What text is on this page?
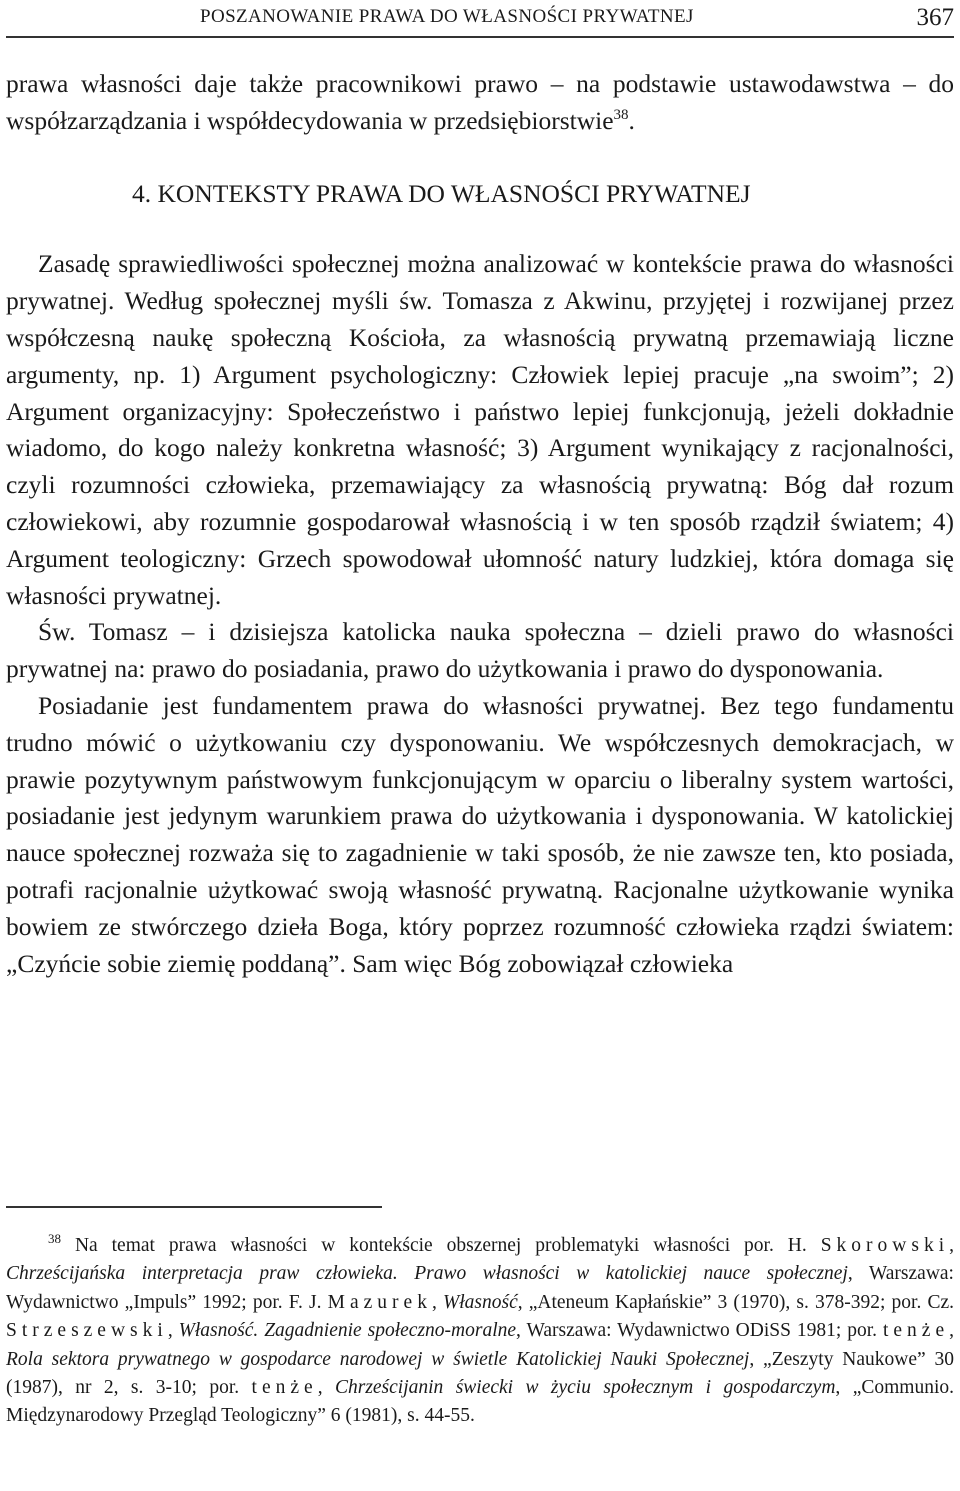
POSZANOWANIE PRAWA DO WŁASNOŚCI PRYWATNEJ	367

prawa własności daje także pracownikowi prawo – na podstawie ustawodawstwa – do współzarządzania i współdecydowania w przedsiębiorstwie$^{38}$.

4. KONTEKSTY PRAWA DO WŁASNOŚCI PRYWATNEJ

Zasadę sprawiedliwości społecznej można analizować w kontekście prawa do własności prywatnej. Według społecznej myśli św. Tomasza z Akwinu, przyjętej i rozwijanej przez współczesną naukę społeczną Kościoła, za własnością prywatną przemawiają liczne argumenty, np. 1) Argument psychologiczny: Człowiek lepiej pracuje „na swoim”; 2) Argument organizacyjny: Społeczeństwo i państwo lepiej funkcjonują, jeżeli dokładnie wiadomo, do kogo należy konkretna własność; 3) Argument wynikający z racjonalności, czyli rozumności człowieka, przemawiający za własnością prywatną: Bóg dał rozum człowiekowi, aby rozumnie gospodarował własnością i w ten sposób rządził światem; 4) Argument teologiczny: Grzech spowodował ułomność natury ludzkiej, która domaga się własności prywatnej.

Św. Tomasz – i dzisiejsza katolicka nauka społeczna – dzieli prawo do własności prywatnej na: prawo do posiadania, prawo do użytkowania i prawo do dysponowania.

Posiadanie jest fundamentem prawa do własności prywatnej. Bez tego fundamentu trudno mówić o użytkowaniu czy dysponowaniu. We współczesnych demokracjach, w prawie pozytywnym państwowym funkcjonującym w oparciu o liberalny system wartości, posiadanie jest jedynym warunkiem prawa do użytkowania i dysponowania. W katolickiej nauce społecznej rozważa się to zagadnienie w taki sposób, że nie zawsze ten, kto posiada, potrafi racjonalnie użytkować swoją własność prywatną. Racjonalne użytkowanie wynika bowiem ze stwórczego dzieła Boga, który poprzez rozumność człowieka rządzi światem: „Czyńcie sobie ziemię poddaną”. Sam więc Bóg zobowiązał człowieka

$^{38}$ Na temat prawa własności w kontekście obszernej problematyki własności por. H. Skorowski, Chrześcijańska interpretacja praw człowieka. Prawo własności w katolickiej nauce społecznej, Warszawa: Wydawnictwo „Impuls” 1992; por. F. J. Mazurek, Własność, „Ateneum Kapłańskie” 3 (1970), s. 378-392; por. Cz. Strzeszewski, Własność. Zagadnienie społeczno-moralne, Warszawa: Wydawnictwo ODiSS 1981; por. tenże, Rola sektora prywatnego w gospodarce narodowej w świetle Katolickiej Nauki Społecznej, „Zeszyty Naukowe” 30 (1987), nr 2, s. 3-10; por. tenże, Chrześcijanin świecki w życiu społecznym i gospodarczym, „Communio. Międzynarodowy Przegląd Teologiczny” 6 (1981), s. 44-55.
